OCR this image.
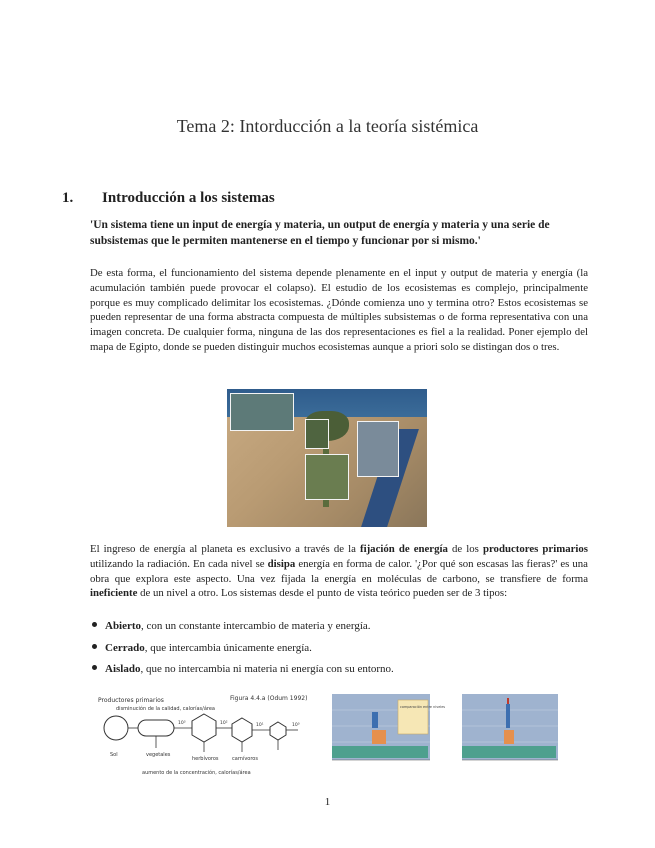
Tema 2: Intorducción a la teoría sistémica
1. Introducción a los sistemas
'Un sistema tiene un input de energía y materia, un output de energía y materia y una serie de subsistemas que le permiten mantenerse en el tiempo y funcionar por si mismo.'
De esta forma, el funcionamiento del sistema depende plenamente en el input y output de materia y energía (la acumulación también puede provocar el colapso). El estudio de los ecosistemas es complejo, principalmente porque es muy complicado delimitar los ecosistemas. ¿Dónde comienza uno y termina otro? Estos ecosistemas se pueden representar de una forma abstracta compuesta de múltiples subsistemas o de forma representativa con una imagen concreta. De cualquier forma, ninguna de las dos representaciones es fiel a la realidad. Poner ejemplo del mapa de Egipto, donde se pueden distinguir muchos ecosistemas aunque a priori solo se distingan dos o tres.
El ingreso de energía al planeta es exclusivo a través de la fijación de energía de los productores primarios utilizando la radiación. En cada nivel se disipa energía en forma de calor. '¿Por qué son escasas las fieras?' es una obra que explora este aspecto. Una vez fijada la energía en moléculas de carbono, se transfiere de forma ineficiente de un nivel a otro. Los sistemas desde el punto de vista teórico pueden ser de 3 tipos:
Abierto , con un constante intercambio de materia y energía.
Cerrado , que intercambia únicamente energía.
Aislado , que no intercambia ni materia ni energía con su entorno.
Productores primarios	Figura 4.4.a (Odum 1992)
disminución de la calidad, calorías/área
Sol	vegetales
herbívoros	carnívoros
10³	10²	10¹	10⁰
aumento de la concentración, calorías/área
comparación entre niveles
1
